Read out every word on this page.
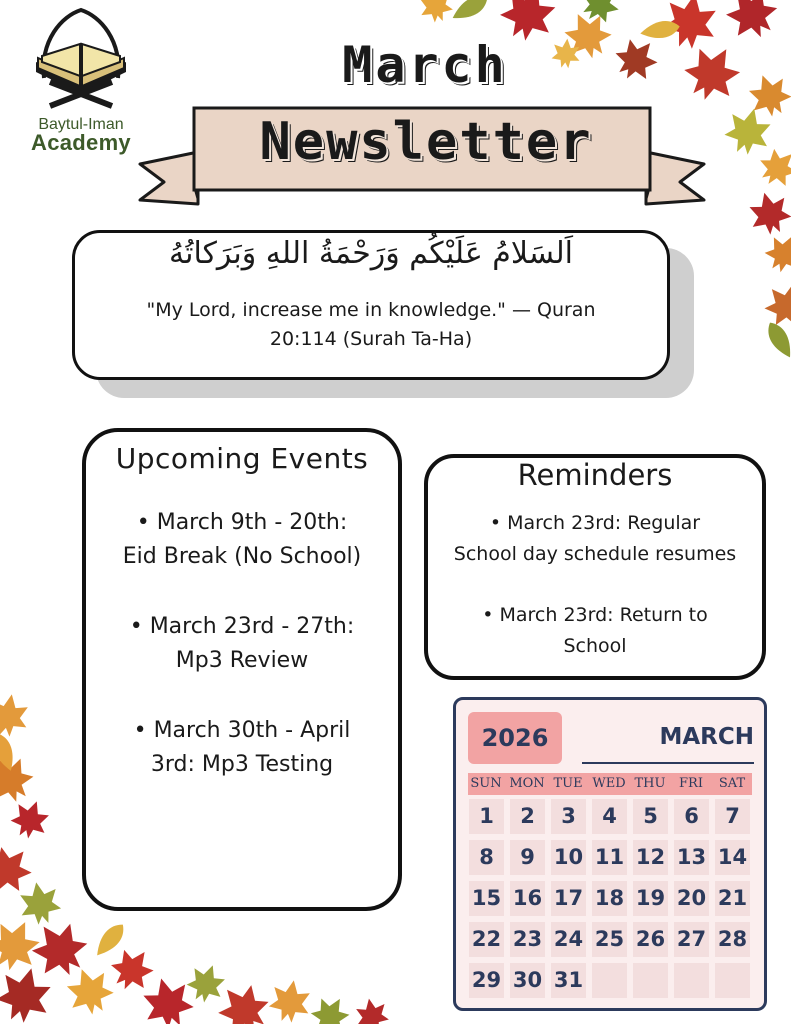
Baytul-Iman
Academy
March
Newsletter
اَلسَلامُ عَلَيْكُم وَرَحْمَةُ اللهِ وَبَرَكاتُهُ
"My Lord, increase me in knowledge." — Quran
20:114 (Surah Ta-Ha)
Upcoming Events
• March 9th - 20th:
Eid Break (No School)
• March 23rd - 27th:
Mp3 Review
• March 30th - April
3rd: Mp3 Testing
Reminders
• March 23rd: Regular
School day schedule resumes
• March 23rd: Return to
School
2026	MARCH
SUN MON TUE WED THU	FRI	SAT
1	2	3	4	5	6	7
8	9 10 11 12 13 14
15 16 17 18 19 20 21
22 23 24 25 26 27 28
29 30 31
